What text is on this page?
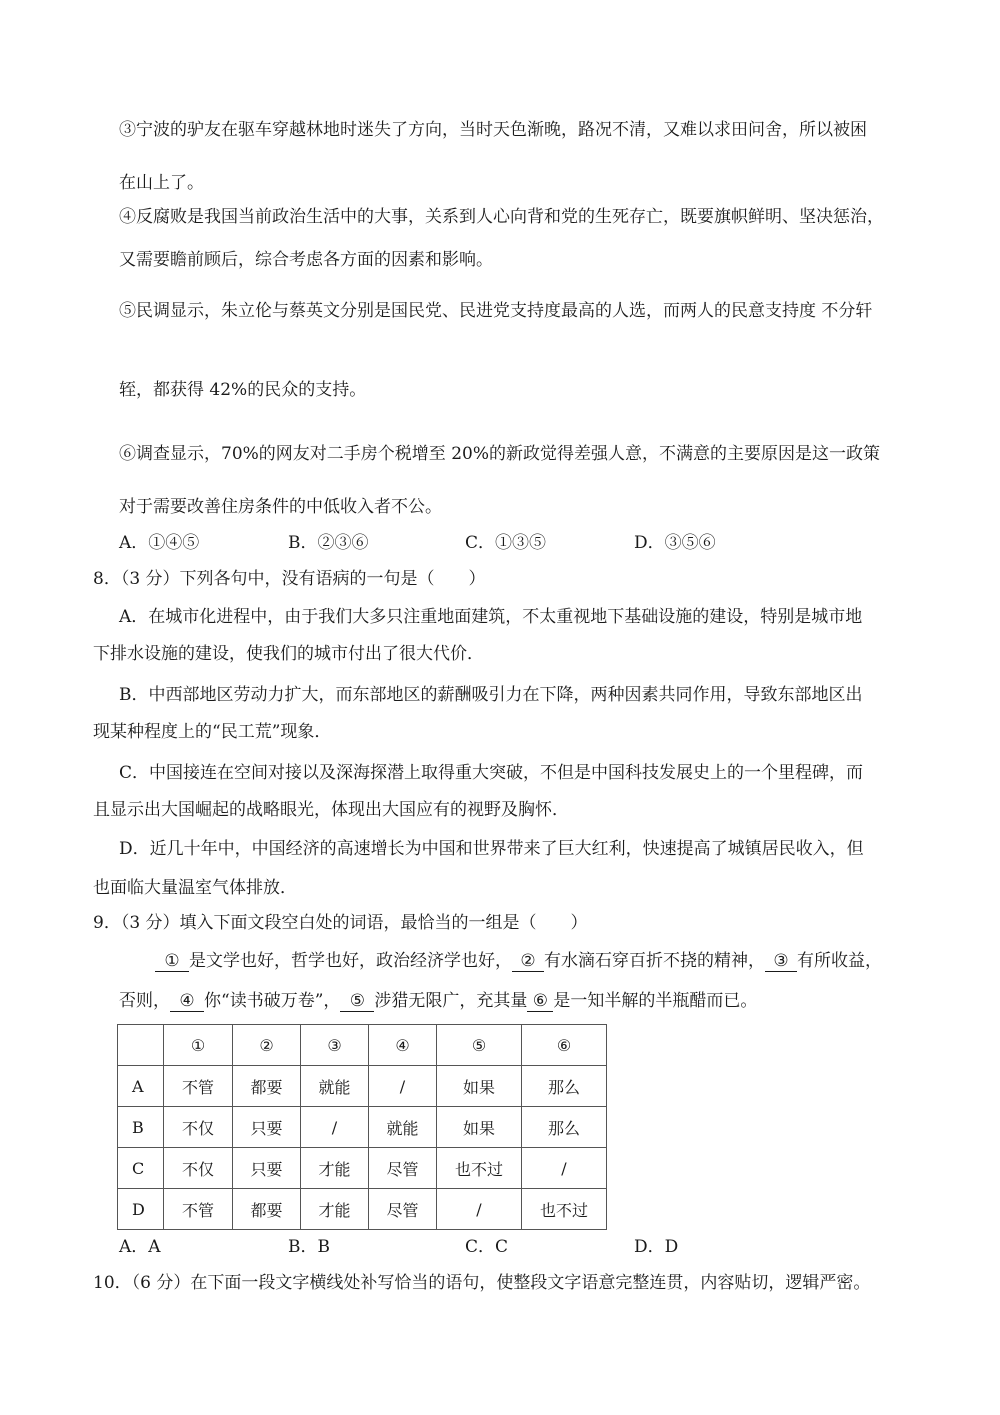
③宁波的驴友在驱车穿越林地时迷失了方向，当时天色渐晚，路况不清，又难以求田问舍，所以被困
在山上了。
④反腐败是我国当前政治生活中的大事，关系到人心向背和党的生死存亡，既要旗帜鲜明、坚决惩治，
又需要瞻前顾后，综合考虑各方面的因素和影响。
⑤民调显示，朱立伦与蔡英文分别是国民党、民进党支持度最高的人选，而两人的民意支持度 不分轩
轾，都获得 42%的民众的支持。
⑥调查显示，70%的网友对二手房个税增至 20%的新政觉得差强人意，不满意的主要原因是这一政策
对于需要改善住房条件的中低收入者不公。
A．①④⑤	B．②③⑥	C．①③⑤	D．③⑤⑥
8．（3 分）下列各句中，没有语病的一句是（　　）
A．在城市化进程中，由于我们大多只注重地面建筑，不太重视地下基础设施的建设，特别是城市地
下排水设施的建设，使我们的城市付出了很大代价．
B．中西部地区劳动力扩大，而东部地区的薪酬吸引力在下降，两种因素共同作用，导致东部地区出
现某种程度上的“民工荒”现象．
C．中国接连在空间对接以及深海探潜上取得重大突破，不但是中国科技发展史上的一个里程碑，而
且显示出大国崛起的战略眼光，体现出大国应有的视野及胸怀．
D．近几十年中，中国经济的高速增长为中国和世界带来了巨大红利，快速提高了城镇居民收入，但
也面临大量温室气体排放．
9．（3 分）填入下面文段空白处的词语，最恰当的一组是（　　）
① 是文学也好，哲学也好，政治经济学也好， ② 有水滴石穿百折不挠的精神， ③ 有所收益，
否则， ④ 你“读书破万卷”， ⑤ 涉猎无限广，充其量 ⑥ 是一知半解的半瓶醋而已。
	①	②	③	④	⑤	⑥
A	不管	都要	就能	/	如果	那么
B	不仅	只要	/	就能	如果	那么
C	不仅	只要	才能	尽管	也不过	/
D	不管	都要	才能	尽管	/	也不过
A．A	B．B	C．C	D．D
10．（6 分）在下面一段文字横线处补写恰当的语句，使整段文字语意完整连贯，内容贴切，逻辑严密。
